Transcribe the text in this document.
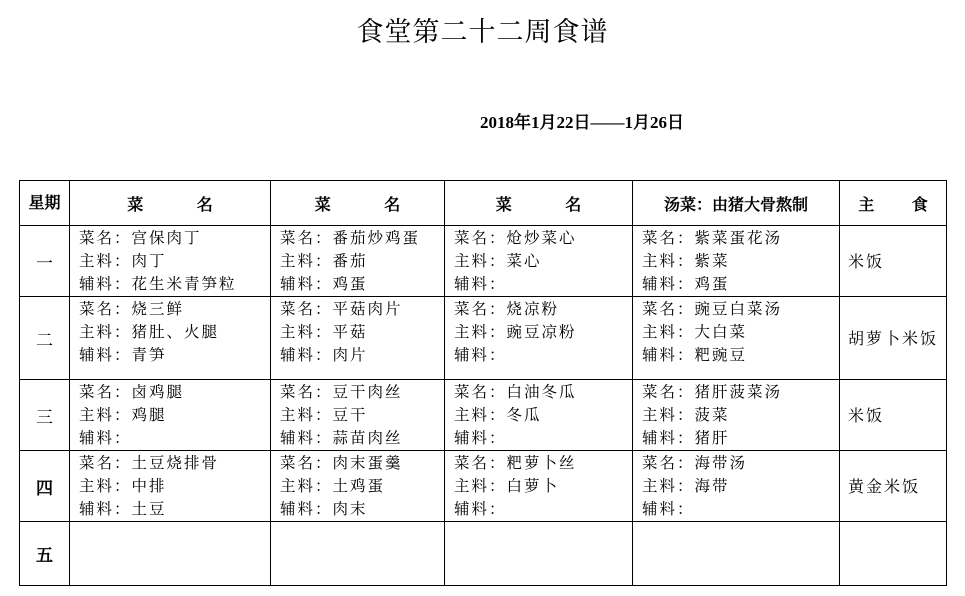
食堂第二十二周食谱
2018年1月22日——1月26日
星期	菜 名	菜 名	菜 名	汤菜：由猪大骨熬制	主 食
一	菜名：宫保肉丁
主料：肉丁
辅料：花生米青笋粒	菜名：番茄炒鸡蛋
主料：番茄
辅料：鸡蛋	菜名：炝炒菜心
主料：菜心
辅料：	菜名：紫菜蛋花汤
主料：紫菜
辅料：鸡蛋	米饭
二	菜名：烧三鲜
主料：猪肚、火腿
辅料：青笋	菜名：平菇肉片
主料：平菇
辅料：肉片	菜名：烧凉粉
主料：豌豆凉粉
辅料：	菜名：豌豆白菜汤
主料：大白菜
辅料：粑豌豆	胡萝卜米饭
三	菜名：卤鸡腿
主料：鸡腿
辅料：	菜名：豆干肉丝
主料：豆干
辅料：蒜苗肉丝	菜名：白油冬瓜
主料：冬瓜
辅料：	菜名：猪肝菠菜汤
主料：菠菜
辅料：猪肝	米饭
四	菜名：土豆烧排骨
主料：中排
辅料：土豆	菜名：肉末蛋羹
主料：土鸡蛋
辅料：肉末	菜名：粑萝卜丝
主料：白萝卜
辅料：	菜名：海带汤
主料：海带
辅料：	黄金米饭
五					
